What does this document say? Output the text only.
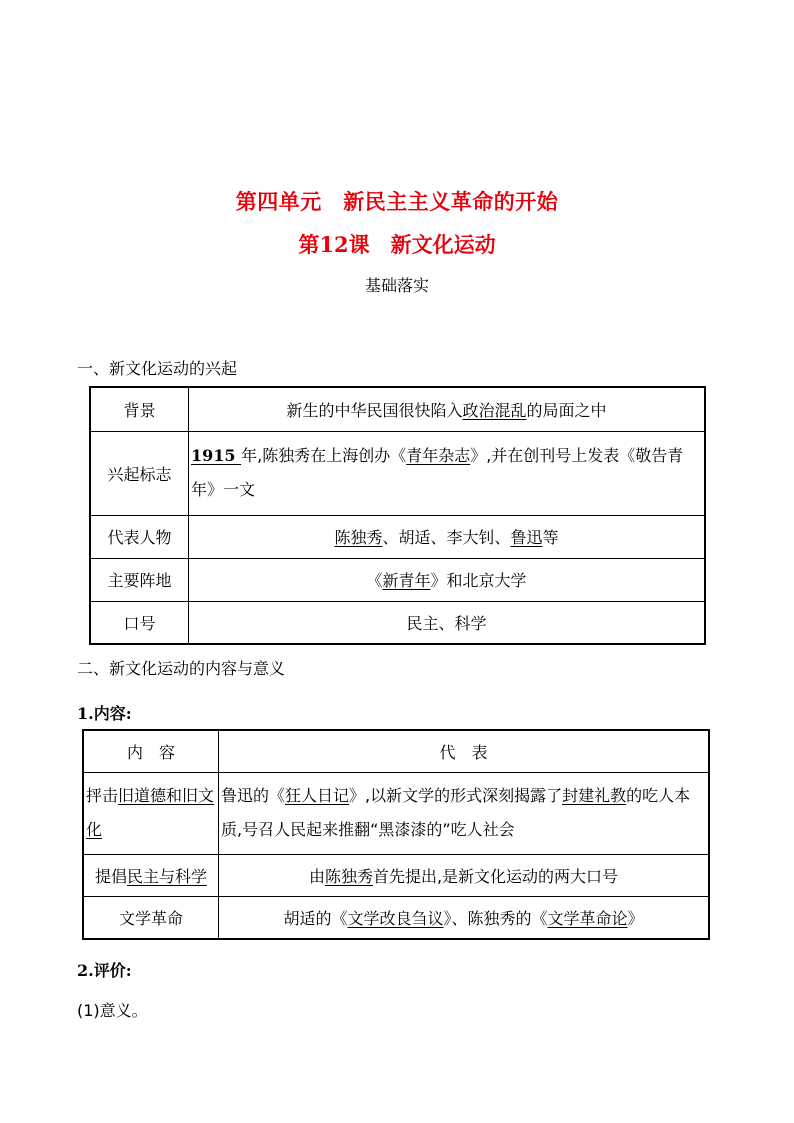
第四单元　新民主主义革命的开始
第12课　新文化运动
基础落实
一、新文化运动的兴起
背景	新生的中华民国很快陷入政治混乱的局面之中
兴起标志	1915 年,陈独秀在上海创办《青年杂志》,并在创刊号上发表《敬告青年》一文
代表人物	陈独秀、胡适、李大钊、鲁迅等
主要阵地	《新青年》和北京大学
口号	民主、科学
二、新文化运动的内容与意义
1.内容:
内　容	代　表
抨击旧道德和旧文化	鲁迅的《狂人日记》,以新文学的形式深刻揭露了封建礼教的吃人本质,号召人民起来推翻“黑漆漆的”吃人社会
提倡民主与科学	由陈独秀首先提出,是新文化运动的两大口号
文学革命	胡适的《文学改良刍议》、陈独秀的《文学革命论》
2.评价:
(1)意义。
